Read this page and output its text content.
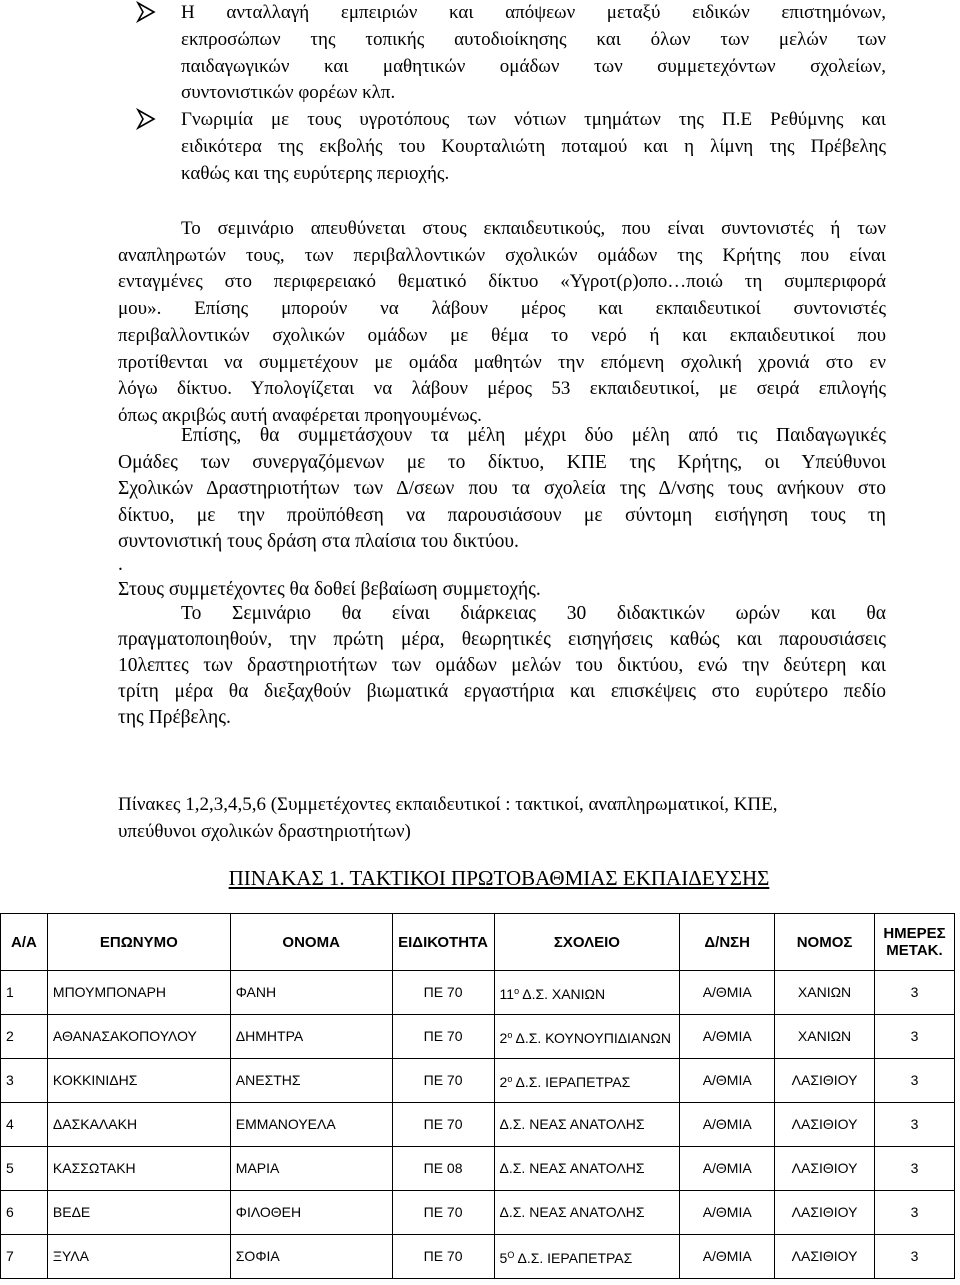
Η ανταλλαγή εμπειριών και απόψεων μεταξύ ειδικών επιστημόνων,
εκπροσώπων της τοπικής αυτοδιοίκησης και όλων των μελών των
παιδαγωγικών και μαθητικών ομάδων των συμμετεχόντων σχολείων,
συντονιστικών φορέων κλπ.
Γνωριμία με τους υγροτόπους των νότιων τμημάτων της Π.Ε Ρεθύμνης και
ειδικότερα της εκβολής του Κουρταλιώτη ποταμού και η λίμνη της Πρέβελης
καθώς και της ευρύτερης περιοχής.
Το σεμινάριο απευθύνεται στους εκπαιδευτικούς, που είναι συντονιστές ή των
αναπληρωτών τους, των περιβαλλοντικών σχολικών ομάδων της Κρήτης που είναι
ενταγμένες στο περιφερειακό θεματικό δίκτυο «Υγροτ(ρ)οπο…ποιώ τη συμπεριφορά
μου». Επίσης μπορούν να λάβουν μέρος και εκπαιδευτικοί συντονιστές
περιβαλλοντικών σχολικών ομάδων με θέμα το νερό ή και εκπαιδευτικοί που
προτίθενται να συμμετέχουν με ομάδα μαθητών την επόμενη σχολική χρονιά στο εν
λόγω δίκτυο. Υπολογίζεται να λάβουν μέρος 53 εκπαιδευτικοί, με σειρά επιλογής
όπως ακριβώς αυτή αναφέρεται προηγουμένως.
Επίσης, θα συμμετάσχουν τα μέλη μέχρι δύο μέλη από τις Παιδαγωγικές
Ομάδες των συνεργαζόμενων με το δίκτυο, ΚΠΕ της Κρήτης, οι Υπεύθυνοι
Σχολικών Δραστηριοτήτων των Δ/σεων που τα σχολεία της Δ/νσης τους ανήκουν στο
δίκτυο, με την προϋπόθεση να παρουσιάσουν με σύντομη εισήγηση τους τη
συντονιστική τους δράση στα πλαίσια του δικτύου.
.
Στους συμμετέχοντες θα δοθεί βεβαίωση συμμετοχής.
Το Σεμινάριο θα είναι διάρκειας 30 διδακτικών ωρών και θα
πραγματοποιηθούν, την πρώτη μέρα, θεωρητικές εισηγήσεις καθώς και παρουσιάσεις
10λεπτες των δραστηριοτήτων των ομάδων μελών του δικτύου, ενώ την δεύτερη και
τρίτη μέρα θα διεξαχθούν βιωματικά εργαστήρια και επισκέψεις στο ευρύτερο πεδίο
της Πρέβελης.
Πίνακες 1,2,3,4,5,6 (Συμμετέχοντες εκπαιδευτικοί : τακτικοί, αναπληρωματικοί, ΚΠΕ,
υπεύθυνοι σχολικών δραστηριοτήτων)
ΠΙΝΑΚΑΣ 1. ΤΑΚΤΙΚΟΙ ΠΡΩΤΟΒΑΘΜΙΑΣ ΕΚΠΑΙΔΕΥΣΗΣ
Α/Α	ΕΠΩΝΥΜΟ	ΟΝΟΜΑ	ΕΙΔΙΚΟΤΗΤΑ	ΣΧΟΛΕΙΟ	Δ/ΝΣΗ	ΝΟΜΟΣ	ΗΜΕΡΕΣ ΜΕΤΑΚ.
1	ΜΠΟΥΜΠΟΝΑΡΗ	ΦΑΝΗ	ΠΕ 70	$11^o$ Δ.Σ. ΧΑΝΙΩΝ	Α/ΘΜΙΑ	ΧΑΝΙΩΝ	3
2	ΑΘΑΝΑΣΑΚΟΠΟΥΛΟΥ	ΔΗΜΗΤΡΑ	ΠΕ 70	$2^o$ Δ.Σ. ΚΟΥΝΟΥΠΙΔΙΑΝΩΝ	Α/ΘΜΙΑ	ΧΑΝΙΩΝ	3
3	ΚΟΚΚΙΝΙΔΗΣ	ΑΝΕΣΤΗΣ	ΠΕ 70	$2^o$ Δ.Σ. ΙΕΡΑΠΕΤΡΑΣ	Α/ΘΜΙΑ	ΛΑΣΙΘΙΟΥ	3
4	ΔΑΣΚΑΛΑΚΗ	ΕΜΜΑΝΟΥΕΛΑ	ΠΕ 70	Δ.Σ. ΝΕΑΣ ΑΝΑΤΟΛΗΣ	Α/ΘΜΙΑ	ΛΑΣΙΘΙΟΥ	3
5	ΚΑΣΣΩΤΑΚΗ	ΜΑΡΙΑ	ΠΕ 08	Δ.Σ. ΝΕΑΣ ΑΝΑΤΟΛΗΣ	Α/ΘΜΙΑ	ΛΑΣΙΘΙΟΥ	3
6	ΒΕΔΕ	ΦΙΛΟΘΕΗ	ΠΕ 70	Δ.Σ. ΝΕΑΣ ΑΝΑΤΟΛΗΣ	Α/ΘΜΙΑ	ΛΑΣΙΘΙΟΥ	3
7	ΞΥΛΑ	ΣΟΦΙΑ	ΠΕ 70	$5^O$ Δ.Σ. ΙΕΡΑΠΕΤΡΑΣ	Α/ΘΜΙΑ	ΛΑΣΙΘΙΟΥ	3
